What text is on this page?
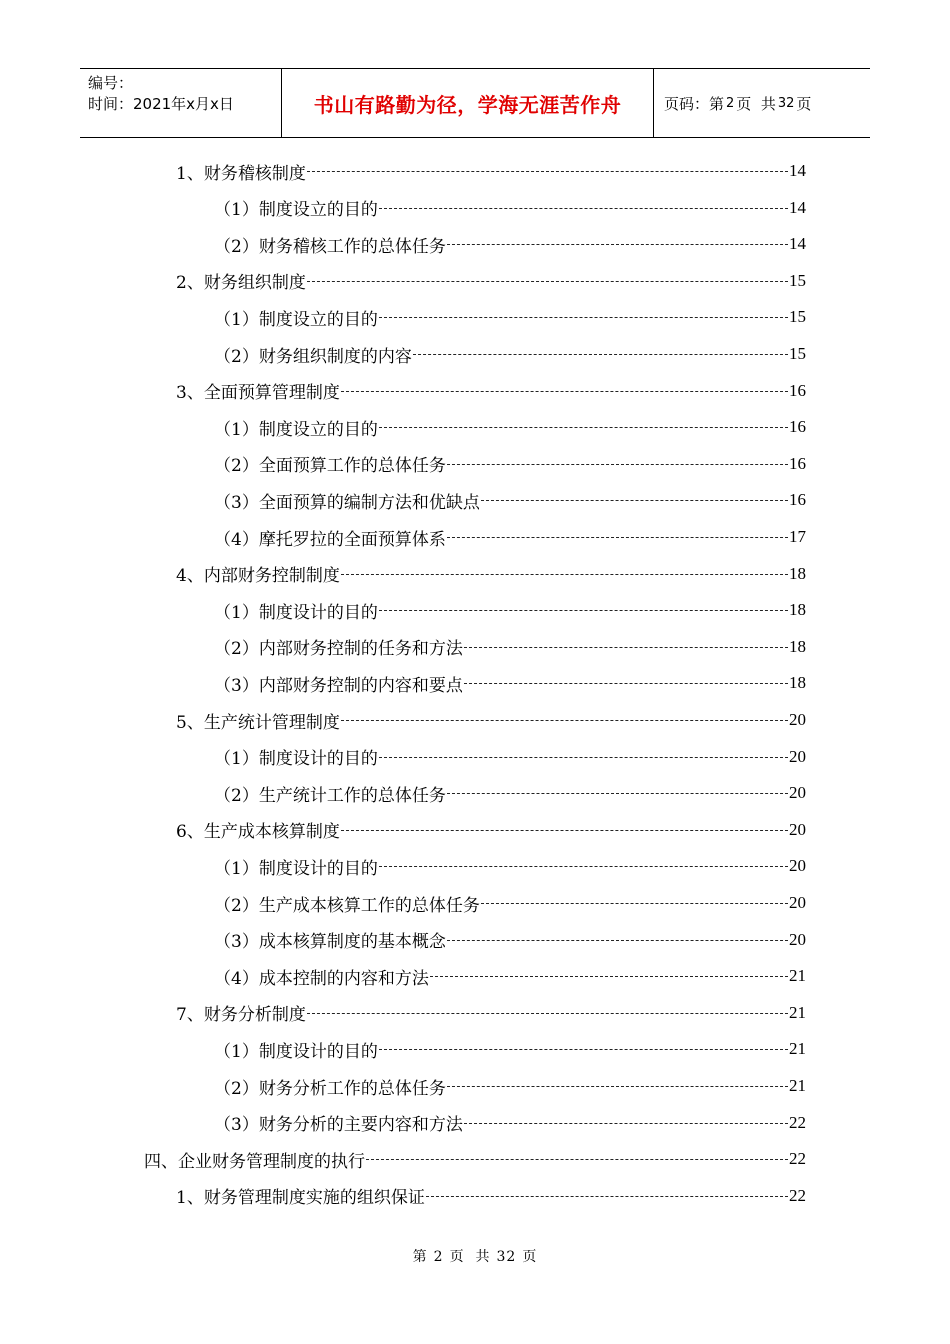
编号：
时间：2021年x月x日	书山有路勤为径，学海无涯苦作舟	页码：第 2 页  共 32 页
1、财务稽核制度	14
（1）制度设立的目的	14
（2）财务稽核工作的总体任务	14
2、财务组织制度	15
（1）制度设立的目的	15
（2）财务组织制度的内容	15
3、全面预算管理制度	16
（1）制度设立的目的	16
（2）全面预算工作的总体任务	16
（3）全面预算的编制方法和优缺点	16
（4）摩托罗拉的全面预算体系	17
4、内部财务控制制度	18
（1）制度设计的目的	18
（2）内部财务控制的任务和方法	18
（3）内部财务控制的内容和要点	18
5、生产统计管理制度	20
（1）制度设计的目的	20
（2）生产统计工作的总体任务	20
6、生产成本核算制度	20
（1）制度设计的目的	20
（2）生产成本核算工作的总体任务	20
（3）成本核算制度的基本概念	20
（4）成本控制的内容和方法	21
7、财务分析制度	21
（1）制度设计的目的	21
（2）财务分析工作的总体任务	21
（3）财务分析的主要内容和方法	22
四、企业财务管理制度的执行	22
1、财务管理制度实施的组织保证	22
第 2 页  共 32 页
